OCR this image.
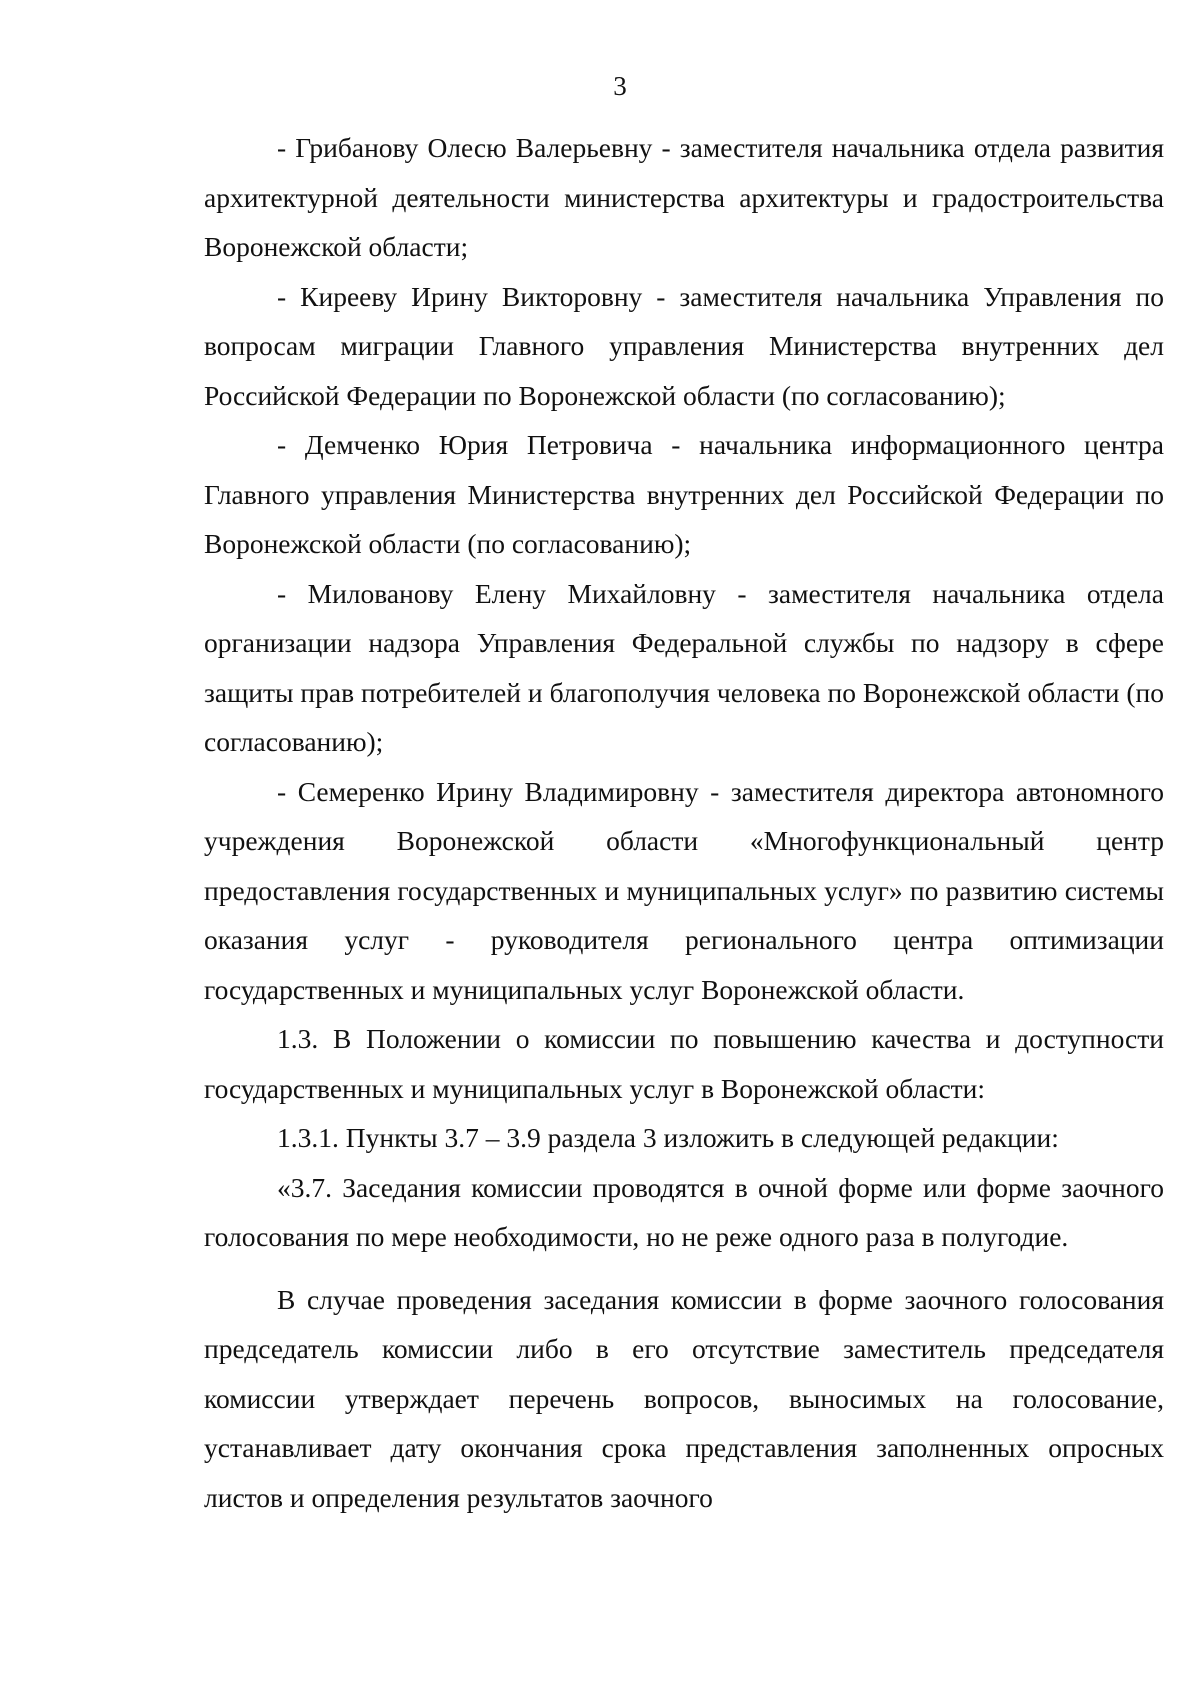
3

- Грибанову Олесю Валерьевну - заместителя начальника отдела развития архитектурной деятельности министерства архитектуры и градостроительства Воронежской области;

- Кирееву Ирину Викторовну - заместителя начальника Управления по вопросам миграции Главного управления Министерства внутренних дел Российской Федерации по Воронежской области (по согласованию);

- Демченко Юрия Петровича - начальника информационного центра Главного управления Министерства внутренних дел Российской Федерации по Воронежской области (по согласованию);

- Милованову Елену Михайловну - заместителя начальника отдела организации надзора Управления Федеральной службы по надзору в сфере защиты прав потребителей и благополучия человека по Воронежской области (по согласованию);

- Семеренко Ирину Владимировну - заместителя директора автономного учреждения Воронежской области «Многофункциональный центр предоставления государственных и муниципальных услуг» по развитию системы оказания услуг - руководителя регионального центра оптимизации государственных и муниципальных услуг Воронежской области.

1.3. В Положении о комиссии по повышению качества и доступности государственных и муниципальных услуг в Воронежской области:

1.3.1. Пункты 3.7 – 3.9 раздела 3 изложить в следующей редакции:

«3.7. Заседания комиссии проводятся в очной форме или форме заочного голосования по мере необходимости, но не реже одного раза в полугодие.

В случае проведения заседания комиссии в форме заочного голосования председатель комиссии либо в его отсутствие заместитель председателя комиссии утверждает перечень вопросов, выносимых на голосование, устанавливает дату окончания срока представления заполненных опросных листов и определения результатов заочного
